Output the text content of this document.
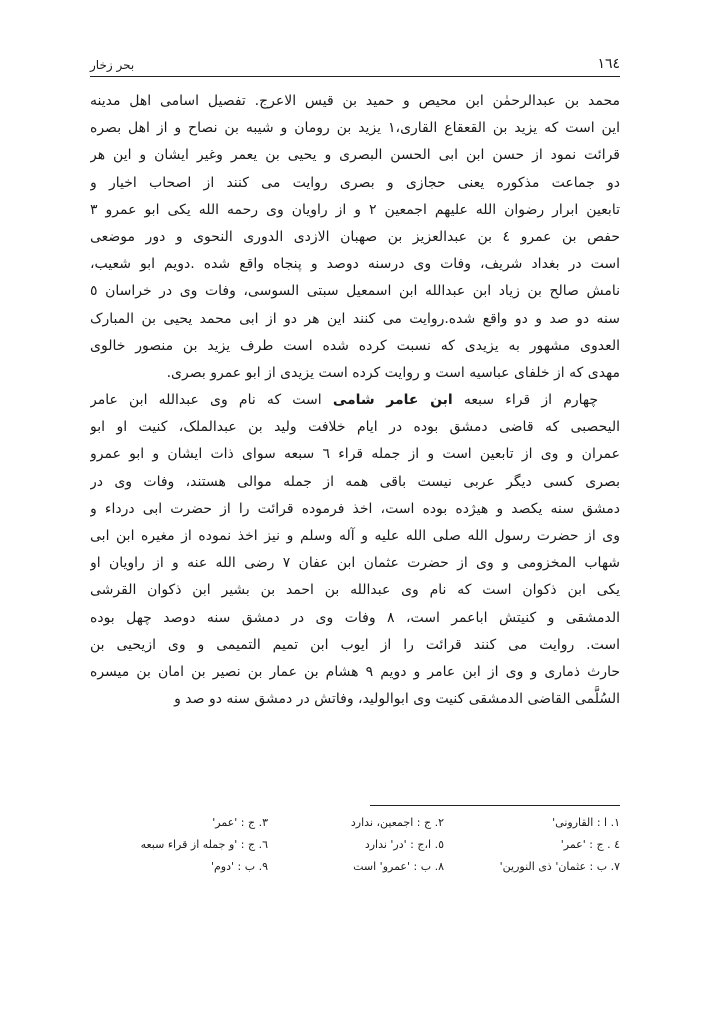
١٦٤
بحر زخار
محمد بن عبدالرحمٰن ابن محیص و حمید بن قیس الاعرج. تفصیل اسامی اهل مدینه
این است که یزید بن القعقاع القاری،١ یزید بن رومان و شیبه بن نصاح و از اهل بصره
قرائت نمود از حسن ابن ابی الحسن البصری و یحیی بن یعمر وغیر ایشان و این هر
دو جماعت مذکوره یعنی حجازی و بصری روایت می کنند از اصحاب اخیار و
تابعین ابرار رضوان الله علیهم اجمعین ٢ و از راویان وی رحمه الله یکی ابو عمرو ٣
حفص بن عمرو ٤ بن عبدالعزیز بن صهبان الازدی الدوری النحوی و دور موضعی
است در بغداد شریف، وفات وی درسنه دوصد و پنجاه واقع شده .دویم ابو شعیب،
نامش صالح بن زیاد ابن عبدالله ابن اسمعیل سبتی السوسی، وفات وی در خراسان ٥
سنه دو صد و دو واقع شده.روایت می کنند این هر دو از ابی محمد یحیی بن المبارک
العدوی مشهور به یزیدی که نسبت کرده شده است طرف یزید بن منصور خالوی
مهدی که از خلفای عباسیه است و روایت کرده است یزیدی از ابو عمرو بصری.
چهارم از قراء سبعه ابن عامر شامی است که نام وی عبدالله ابن عامر
الیحصبی که قاضی دمشق بوده در ایام خلافت ولید بن عبدالملک، کنیت او ابو
عمران و وی از تابعین است و از جمله قراء ٦ سبعه سوای ذات ایشان و ابو عمرو
بصری کسی دیگر عربی نیست باقی همه از جمله موالی هستند، وفات وی در
دمشق سنه یکصد و هیژده بوده است، اخذ فرموده قرائت را از حضرت ابی درداء و
وی از حضرت رسول الله صلی الله علیه و آله وسلم و نیز اخذ نموده از مغیره ابن ابی
شهاب المخزومی و وی از حضرت عثمان ابن عفان ٧ رضی الله عنه و از راویان او
یکی ابن ذکوان است که نام وی عبدالله بن احمد بن بشیر ابن ذکوان القرشی
الدمشقی و کنیتش اباعمر است، ٨ وفات وی در دمشق سنه دوصد چهل بوده
است. روایت می کنند قرائت را از ایوب ابن تمیم التمیمی و وی ازیحیی بن
حارث ذماری و وی از ابن عامر و دویم ٩ هشام بن عمار بن نصیر بن امان بن میسره
السُلَّمی القاضی الدمشقی کنیت وی ابوالولید، وفاتش در دمشق سنه دو صد و
١. ا : القارونی'
٢. ج : اجمعین، ندارد
٣. ج : 'عمر'
٤ . ج : 'عمر'
٥. ا،ج : 'در' ندارد
٦. ج : 'و جمله از قراء سبعه
٧. ب : عثمان' ذی النورین'
٨. ب : 'عمرو' است
٩. ب : 'دوم'
